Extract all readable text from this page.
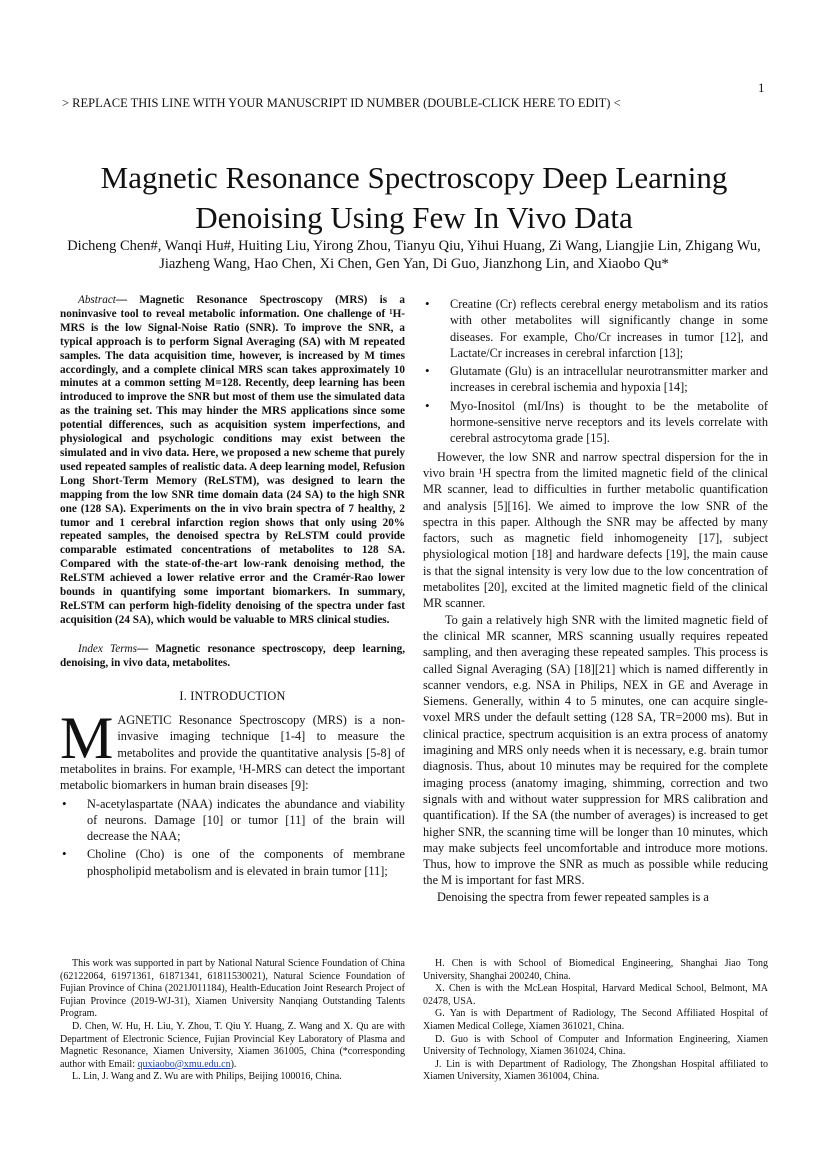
1
> REPLACE THIS LINE WITH YOUR MANUSCRIPT ID NUMBER (DOUBLE-CLICK HERE TO EDIT) <
Magnetic Resonance Spectroscopy Deep Learning Denoising Using Few In Vivo Data
Dicheng Chen#, Wanqi Hu#, Huiting Liu, Yirong Zhou, Tianyu Qiu, Yihui Huang, Zi Wang, Liangjie Lin, Zhigang Wu, Jiazheng Wang, Hao Chen, Xi Chen, Gen Yan, Di Guo, Jianzhong Lin, and Xiaobo Qu*

Abstract— Magnetic Resonance Spectroscopy (MRS) is a noninvasive tool to reveal metabolic information. One challenge of ¹H-MRS is the low Signal-Noise Ratio (SNR). To improve the SNR, a typical approach is to perform Signal Averaging (SA) with M repeated samples. The data acquisition time, however, is increased by M times accordingly, and a complete clinical MRS scan takes approximately 10 minutes at a common setting M=128. Recently, deep learning has been introduced to improve the SNR but most of them use the simulated data as the training set. This may hinder the MRS applications since some potential differences, such as acquisition system imperfections, and physiological and psychologic conditions may exist between the simulated and in vivo data. Here, we proposed a new scheme that purely used repeated samples of realistic data. A deep learning model, Refusion Long Short-Term Memory (ReLSTM), was designed to learn the mapping from the low SNR time domain data (24 SA) to the high SNR one (128 SA). Experiments on the in vivo brain spectra of 7 healthy, 2 tumor and 1 cerebral infarction region shows that only using 20% repeated samples, the denoised spectra by ReLSTM could provide comparable estimated concentrations of metabolites to 128 SA. Compared with the state-of-the-art low-rank denoising method, the ReLSTM achieved a lower relative error and the Cramér-Rao lower bounds in quantifying some important biomarkers. In summary, ReLSTM can perform high-fidelity denoising of the spectra under fast acquisition (24 SA), which would be valuable to MRS clinical studies.

Index Terms— Magnetic resonance spectroscopy, deep learning, denoising, in vivo data, metabolites.

I. INTRODUCTION

MAGNETIC Resonance Spectroscopy (MRS) is a non-invasive imaging technique [1-4] to measure the metabolites and provide the quantitative analysis [5-8] of metabolites in brains. For example, ¹H-MRS can detect the important metabolic biomarkers in human brain diseases [9]:

• N-acetylaspartate (NAA) indicates the abundance and viability of neurons. Damage [10] or tumor [11] of the brain will decrease the NAA;
• Choline (Cho) is one of the components of membrane phospholipid metabolism and is elevated in brain tumor [11];
• Creatine (Cr) reflects cerebral energy metabolism and its ratios with other metabolites will significantly change in some diseases. For example, Cho/Cr increases in tumor [12], and Lactate/Cr increases in cerebral infarction [13];
• Glutamate (Glu) is an intracellular neurotransmitter marker and increases in cerebral ischemia and hypoxia [14];
• Myo-Inositol (mI/Ins) is thought to be the metabolite of hormone-sensitive nerve receptors and its levels correlate with cerebral astrocytoma grade [15].

However, the low SNR and narrow spectral dispersion for the in vivo brain ¹H spectra from the limited magnetic field of the clinical MR scanner, lead to difficulties in further metabolic quantification and analysis [5][16]. We aimed to improve the low SNR of the spectra in this paper. Although the SNR may be affected by many factors, such as magnetic field inhomogeneity [17], subject physiological motion [18] and hardware defects [19], the main cause is that the signal intensity is very low due to the low concentration of metabolites [20], excited at the limited magnetic field of the clinical MR scanner.

To gain a relatively high SNR with the limited magnetic field of the clinical MR scanner, MRS scanning usually requires repeated sampling, and then averaging these repeated samples. This process is called Signal Averaging (SA) [18][21] which is named differently in scanner vendors, e.g. NSA in Philips, NEX in GE and Average in Siemens. Generally, within 4 to 5 minutes, one can acquire single-voxel MRS under the default setting (128 SA, TR=2000 ms). But in clinical practice, spectrum acquisition is an extra process of anatomy imagining and MRS only needs when it is necessary, e.g. brain tumor diagnosis. Thus, about 10 minutes may be required for the complete imaging process (anatomy imaging, shimming, correction and two signals with and without water suppression for MRS calibration and quantification). If the SA (the number of averages) is increased to get higher SNR, the scanning time will be longer than 10 minutes, which may make subjects feel uncomfortable and introduce more motions. Thus, how to improve the SNR as much as possible while reducing the M is important for fast MRS.

Denoising the spectra from fewer repeated samples is a

This work was supported in part by National Natural Science Foundation of China (62122064, 61971361, 61871341, 61811530021), Natural Science Foundation of Fujian Province of China (2021J011184), Health-Education Joint Research Project of Fujian Province (2019-WJ-31), Xiamen University Nanqiang Outstanding Talents Program.

D. Chen, W. Hu, H. Liu, Y. Zhou, T. Qiu Y. Huang, Z. Wang and X. Qu are with Department of Electronic Science, Fujian Provincial Key Laboratory of Plasma and Magnetic Resonance, Xiamen University, Xiamen 361005, China (*corresponding author with Email: quxiaobo@xmu.edu.cn).

L. Lin, J. Wang and Z. Wu are with Philips, Beijing 100016, China.

H. Chen is with School of Biomedical Engineering, Shanghai Jiao Tong University, Shanghai 200240, China.

X. Chen is with the McLean Hospital, Harvard Medical School, Belmont, MA 02478, USA.

G. Yan is with Department of Radiology, The Second Affiliated Hospital of Xiamen Medical College, Xiamen 361021, China.

D. Guo is with School of Computer and Information Engineering, Xiamen University of Technology, Xiamen 361024, China.

J. Lin is with Department of Radiology, The Zhongshan Hospital affiliated to Xiamen University, Xiamen 361004, China.
